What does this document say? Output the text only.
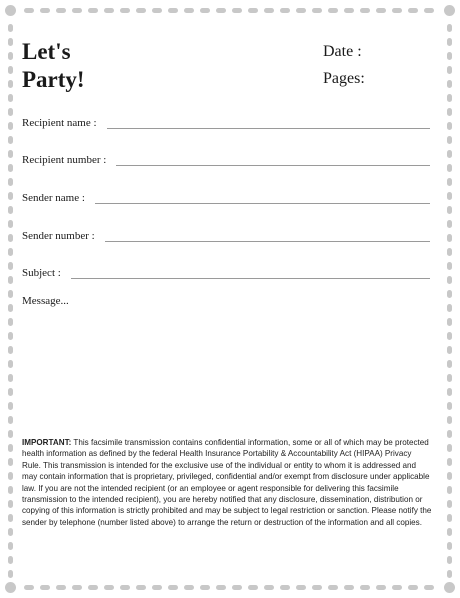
Let's
Party!
Date :
Pages:
Recipient name :
Recipient number :
Sender name :
Sender number :
Subject :
Message...
IMPORTANT: This facsimile transmission contains confidential information, some or all of which may be protected health information as defined by the federal Health Insurance Portability & Accountability Act (HIPAA) Privacy Rule. This transmission is intended for the exclusive use of the individual or entity to whom it is addressed and may contain information that is proprietary, privileged, confidential and/or exempt from disclosure under applicable law. If you are not the intended recipient (or an employee or agent responsible for delivering this facsimile transmission to the intended recipient), you are hereby notified that any disclosure, dissemination, distribution or copying of this information is strictly prohibited and may be subject to legal restriction or sanction. Please notify the sender by telephone (number listed above) to arrange the return or destruction of the information and all copies.
